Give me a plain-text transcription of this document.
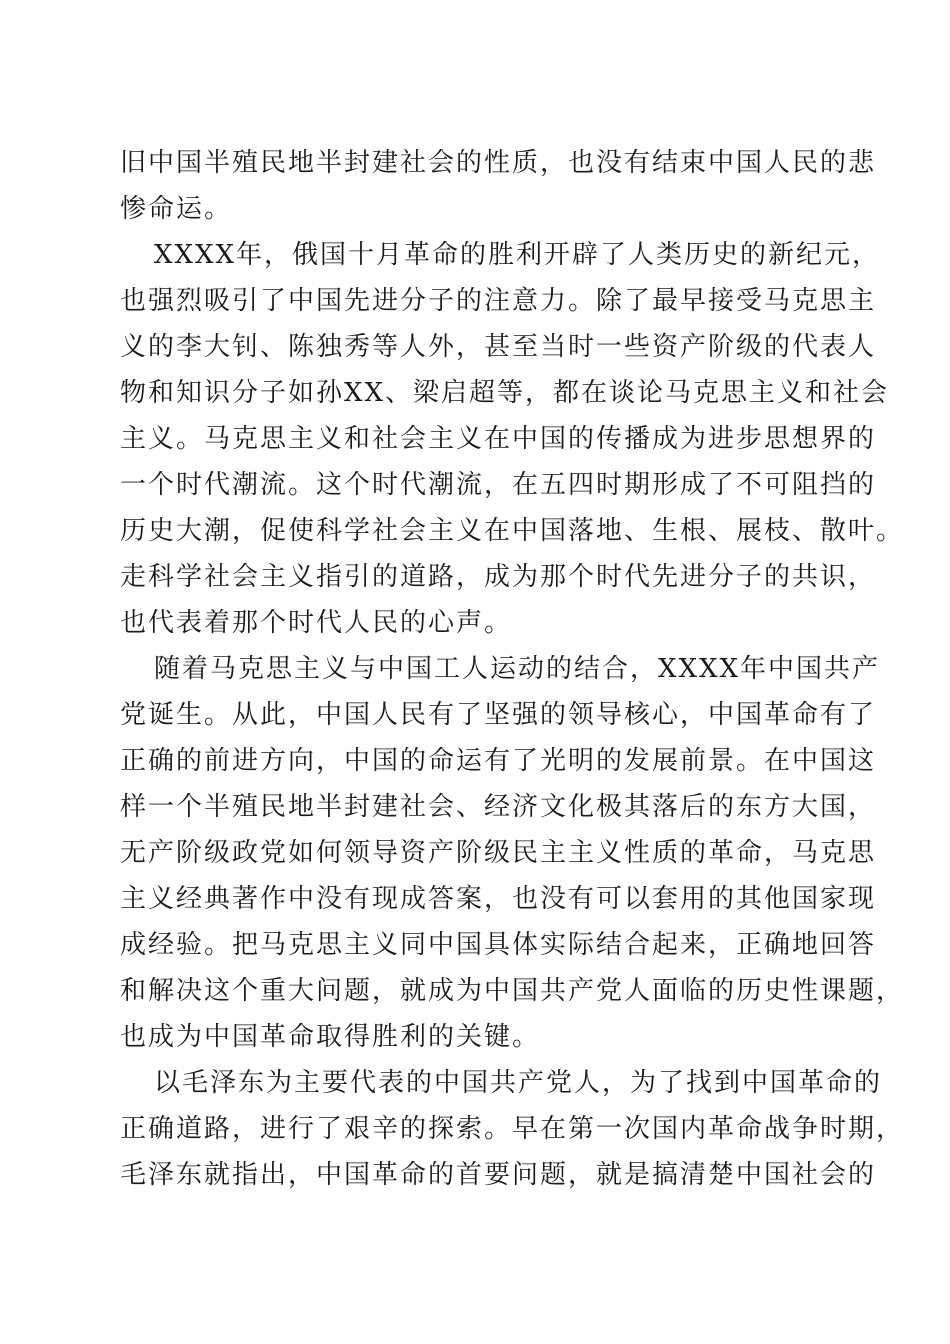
旧中国半殖民地半封建社会的性质，也没有结束中国人民的悲
惨命运。
XXXX年，俄国十月革命的胜利开辟了人类历史的新纪元，
也强烈吸引了中国先进分子的注意力。除了最早接受马克思主
义的李大钊、陈独秀等人外，甚至当时一些资产阶级的代表人
物和知识分子如孙XX、梁启超等，都在谈论马克思主义和社会
主义。马克思主义和社会主义在中国的传播成为进步思想界的
一个时代潮流。这个时代潮流，在五四时期形成了不可阻挡的
历史大潮，促使科学社会主义在中国落地、生根、展枝、散叶。
走科学社会主义指引的道路，成为那个时代先进分子的共识，
也代表着那个时代人民的心声。
随着马克思主义与中国工人运动的结合，XXXX年中国共产
党诞生。从此，中国人民有了坚强的领导核心，中国革命有了
正确的前进方向，中国的命运有了光明的发展前景。在中国这
样一个半殖民地半封建社会、经济文化极其落后的东方大国，
无产阶级政党如何领导资产阶级民主主义性质的革命，马克思
主义经典著作中没有现成答案，也没有可以套用的其他国家现
成经验。把马克思主义同中国具体实际结合起来，正确地回答
和解决这个重大问题，就成为中国共产党人面临的历史性课题，
也成为中国革命取得胜利的关键。
以毛泽东为主要代表的中国共产党人，为了找到中国革命的
正确道路，进行了艰辛的探索。早在第一次国内革命战争时期，
毛泽东就指出，中国革命的首要问题，就是搞清楚中国社会的
